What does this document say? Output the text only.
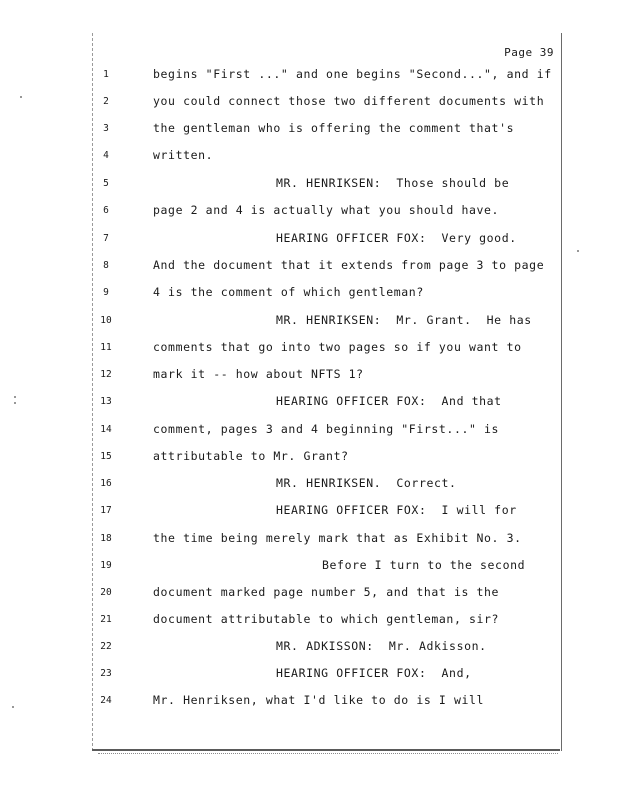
Page 39
1	begins "First ..." and one begins "Second...", and if
2	you could connect those two different documents with
3	the gentleman who is offering the comment that's
4	written.
5	MR. HENRIKSEN:  Those should be
6	page 2 and 4 is actually what you should have.
7	HEARING OFFICER FOX:  Very good.
8	And the document that it extends from page 3 to page
9	4 is the comment of which gentleman?
10	MR. HENRIKSEN:  Mr. Grant.  He has
11	comments that go into two pages so if you want to
12	mark it -- how about NFTS 1?
13	HEARING OFFICER FOX:  And that
14	comment, pages 3 and 4 beginning "First..." is
15	attributable to Mr. Grant?
16	MR. HENRIKSEN.  Correct.
17	HEARING OFFICER FOX:  I will for
18	the time being merely mark that as Exhibit No. 3.
19	Before I turn to the second
20	document marked page number 5, and that is the
21	document attributable to which gentleman, sir?
22	MR. ADKISSON:  Mr. Adkisson.
23	HEARING OFFICER FOX:  And,
24	Mr. Henriksen, what I'd like to do is I will
